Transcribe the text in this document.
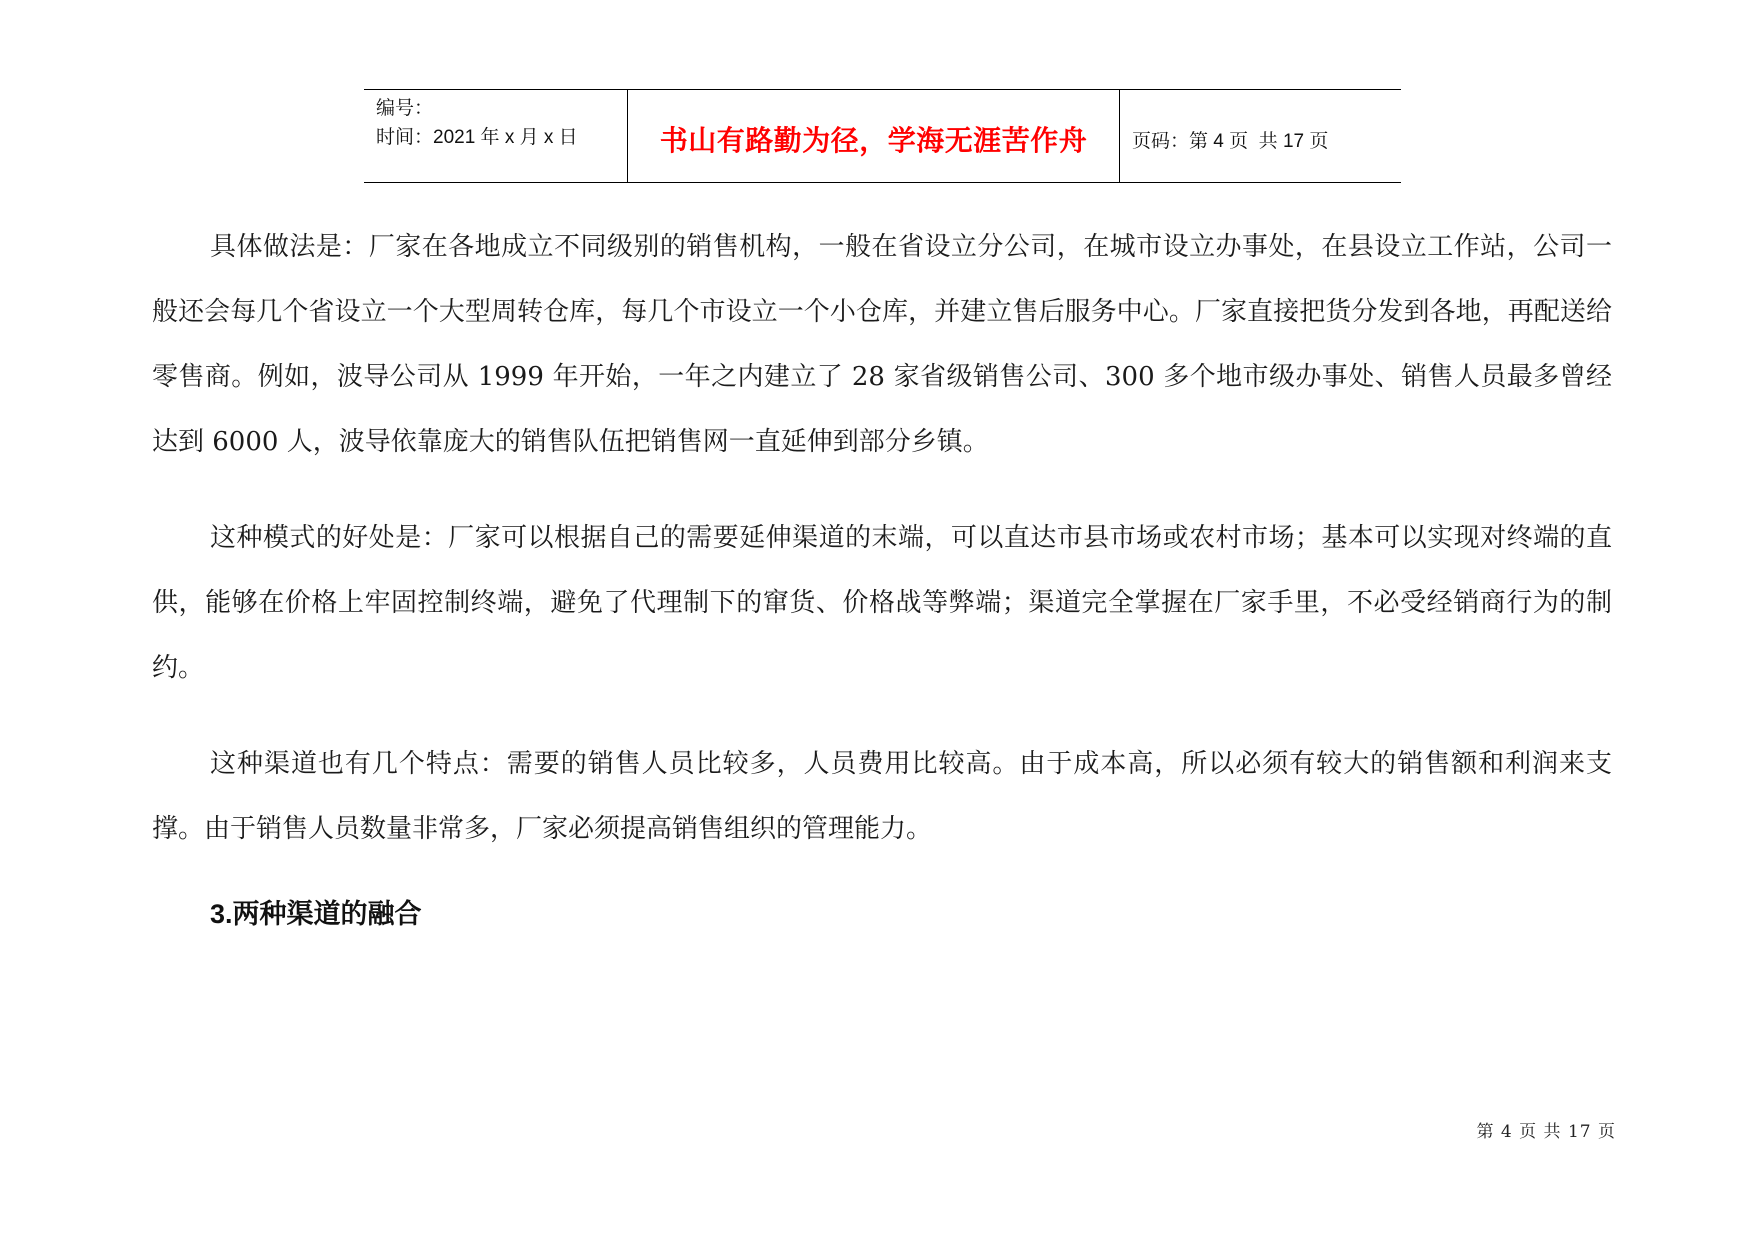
编号：
时间：2021 年 x 月 x 日	书山有路勤为径，学海无涯苦作舟	页码：第 4 页  共 17 页

具体做法是：厂家在各地成立不同级别的销售机构，一般在省设立分公司，在城市设立办事处，在县设立工作站，公司一般还会每几个省设立一个大型周转仓库，每几个市设立一个小仓库，并建立售后服务中心。厂家直接把货分发到各地，再配送给零售商。例如，波导公司从 1999 年开始，一年之内建立了 28 家省级销售公司、300 多个地市级办事处、销售人员最多曾经达到 6000 人，波导依靠庞大的销售队伍把销售网一直延伸到部分乡镇。

这种模式的好处是：厂家可以根据自己的需要延伸渠道的末端，可以直达市县市场或农村市场；基本可以实现对终端的直供，能够在价格上牢固控制终端，避免了代理制下的窜货、价格战等弊端；渠道完全掌握在厂家手里，不必受经销商行为的制约。

这种渠道也有几个特点：需要的销售人员比较多，人员费用比较高。由于成本高，所以必须有较大的销售额和利润来支撑。由于销售人员数量非常多，厂家必须提高销售组织的管理能力。

3.两种渠道的融合
第 4 页 共 17 页
